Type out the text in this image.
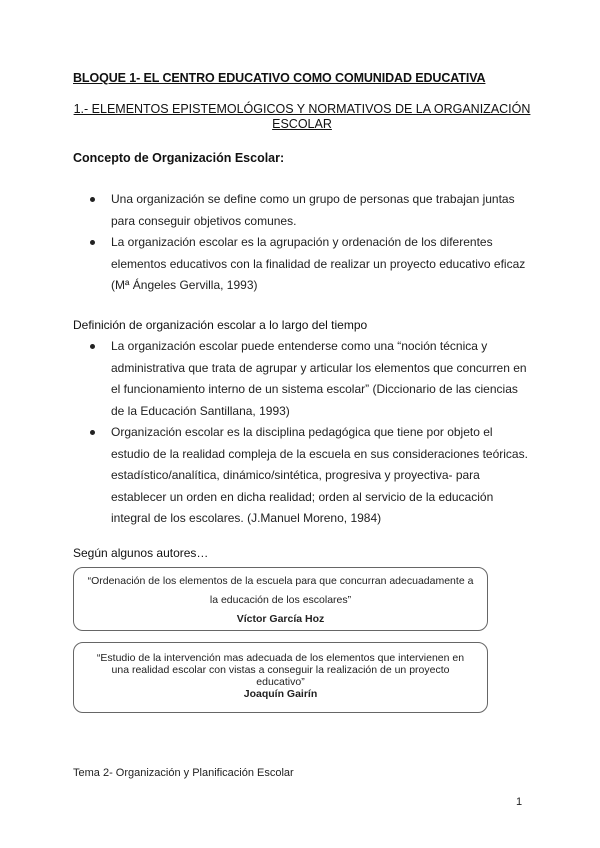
BLOQUE 1- EL CENTRO EDUCATIVO COMO COMUNIDAD EDUCATIVA
1.- ELEMENTOS EPISTEMOLÓGICOS Y NORMATIVOS DE LA ORGANIZACIÓN ESCOLAR
Concepto de Organización Escolar:
Una organización se define como un grupo de personas que trabajan juntas para conseguir objetivos comunes.
La organización escolar es la agrupación y ordenación de los diferentes elementos educativos con la finalidad de realizar un proyecto educativo eficaz (Mª Ángeles Gervilla, 1993)
Definición de organización escolar a lo largo del tiempo
La organización escolar puede entenderse como una “noción técnica y administrativa que trata de agrupar y articular los elementos que concurren en el funcionamiento interno de un sistema escolar” (Diccionario de las ciencias de la Educación Santillana, 1993)
Organización escolar es la disciplina pedagógica que tiene por objeto el estudio de la realidad compleja de la escuela en sus consideraciones teóricas. estadístico/analítica, dinámico/sintética, progresiva y proyectiva- para establecer un orden en dicha realidad; orden al servicio de la educación integral de los escolares. (J.Manuel Moreno, 1984)
Según algunos autores…
“Ordenación de los elementos de la escuela para que concurran adecuadamente a la educación de los escolares”
Víctor García Hoz
“Estudio de la intervención mas adecuada de los elementos que intervienen en una realidad escolar con vistas a conseguir la realización de un proyecto educativo”
Joaquín Gairín
Tema 2- Organización y Planificación Escolar
1
